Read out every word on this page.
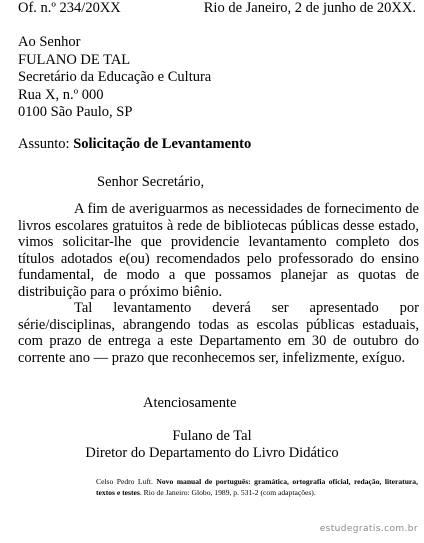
Of. n.º 234/20XX	Rio de Janeiro, 2 de junho de 20XX.
Ao Senhor
FULANO DE TAL
Secretário da Educação e Cultura
Rua X, n.º 000
0100 São Paulo, SP
Assunto: Solicitação de Levantamento
Senhor Secretário,

A fim de averiguarmos as necessidades de fornecimento de livros escolares gratuitos à rede de bibliotecas públicas desse estado, vimos solicitar-lhe que providencie levantamento completo dos títulos adotados e(ou) recomendados pelo professorado do ensino fundamental, de modo a que possamos planejar as quotas de distribuição para o próximo biênio.

Tal levantamento deverá ser apresentado por série/disciplinas, abrangendo todas as escolas públicas estaduais, com prazo de entrega a este Departamento em 30 de outubro do corrente ano — prazo que reconhecemos ser, infelizmente, exíguo.

Atenciosamente
Fulano de Tal
Diretor do Departamento do Livro Didático
Celso Pedro Luft. Novo manual de português: gramática, ortografia oficial, redação, literatura, textos e testes. Rio de Janeiro: Globo, 1989, p. 531-2 (com adaptações).
estudegratis.com.br
